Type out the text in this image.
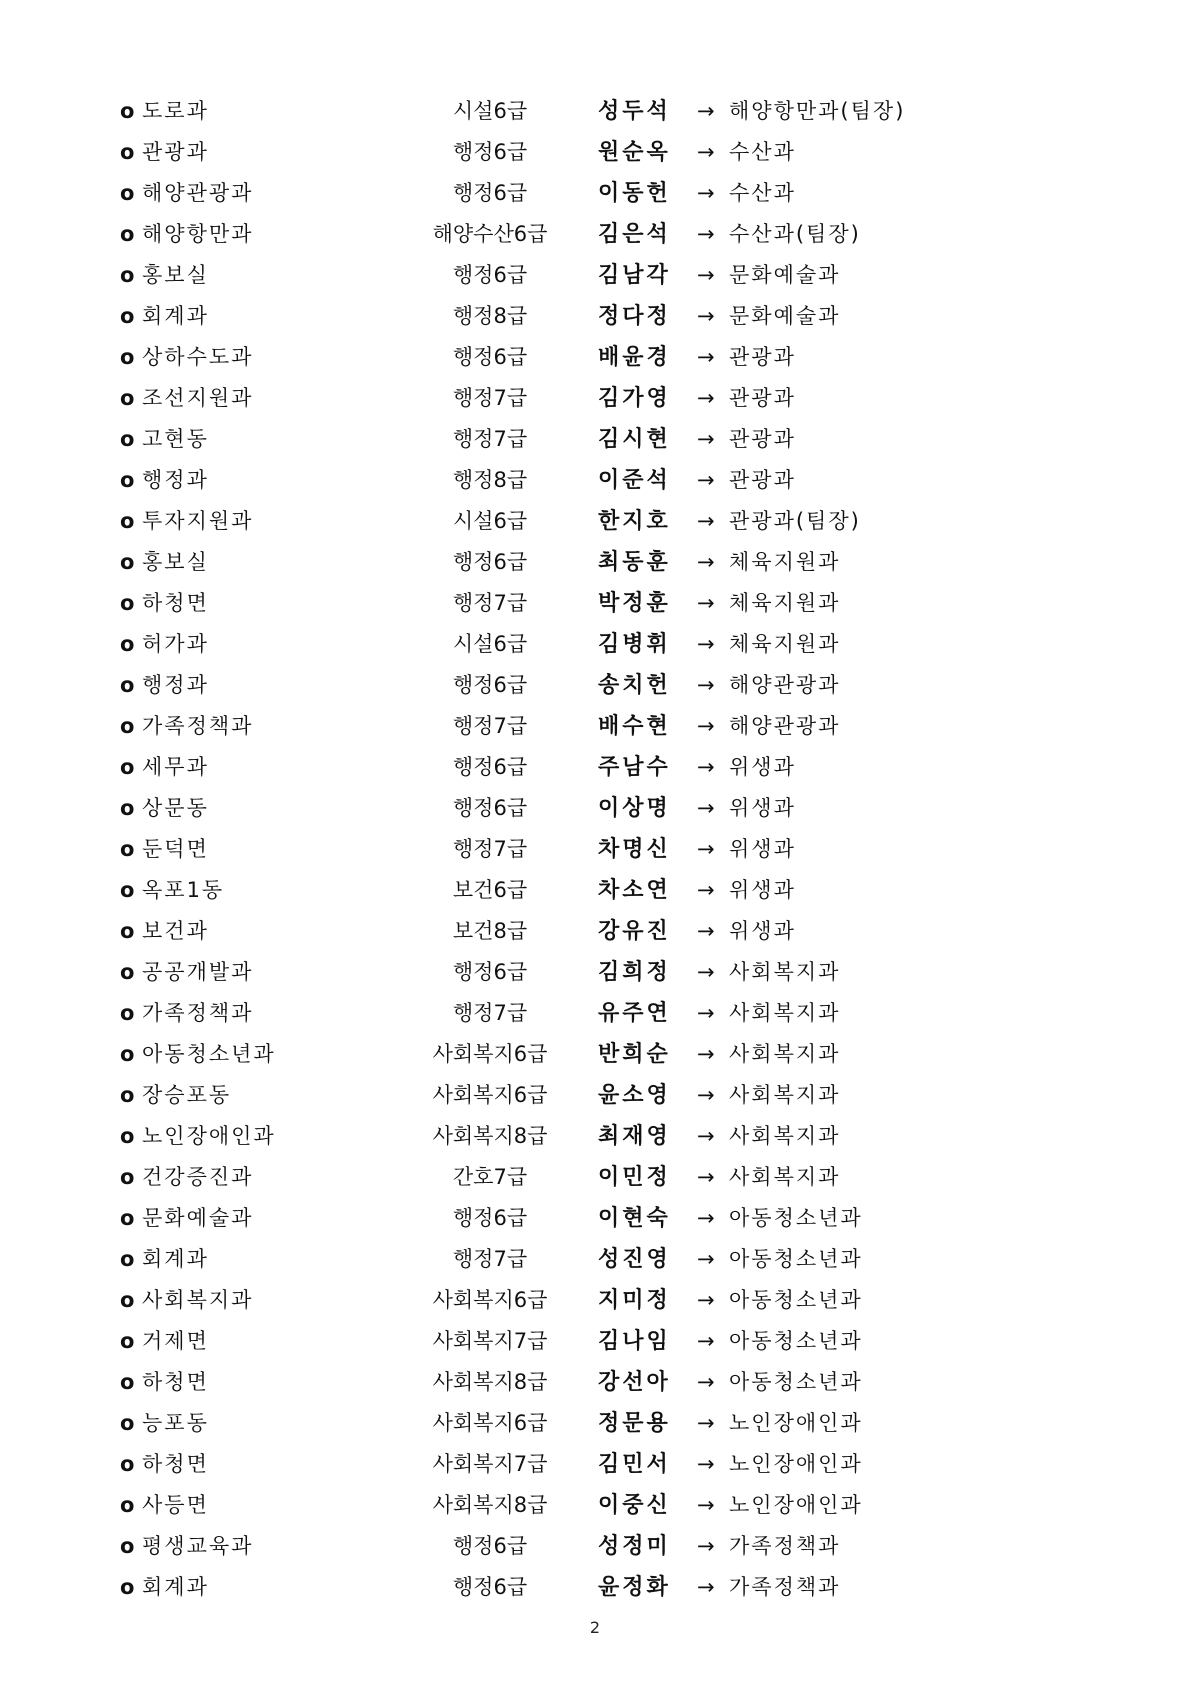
o 도로과	시설6급	성두석 → 해양항만과(팀장)
o 관광과	행정6급	원순옥 → 수산과
o 해양관광과	행정6급	이동헌 → 수산과
o 해양항만과	해양수산6급	김은석 → 수산과(팀장)
o 홍보실	행정6급	김남각 → 문화예술과
o 회계과	행정8급	정다정 → 문화예술과
o 상하수도과	행정6급	배윤경 → 관광과
o 조선지원과	행정7급	김가영 → 관광과
o 고현동	행정7급	김시현 → 관광과
o 행정과	행정8급	이준석 → 관광과
o 투자지원과	시설6급	한지호 → 관광과(팀장)
o 홍보실	행정6급	최동훈 → 체육지원과
o 하청면	행정7급	박정훈 → 체육지원과
o 허가과	시설6급	김병휘 → 체육지원과
o 행정과	행정6급	송치헌 → 해양관광과
o 가족정책과	행정7급	배수현 → 해양관광과
o 세무과	행정6급	주남수 → 위생과
o 상문동	행정6급	이상명 → 위생과
o 둔덕면	행정7급	차명신 → 위생과
o 옥포1동	보건6급	차소연 → 위생과
o 보건과	보건8급	강유진 → 위생과
o 공공개발과	행정6급	김희정 → 사회복지과
o 가족정책과	행정7급	유주연 → 사회복지과
o 아동청소년과	사회복지6급	반희순 → 사회복지과
o 장승포동	사회복지6급	윤소영 → 사회복지과
o 노인장애인과	사회복지8급	최재영 → 사회복지과
o 건강증진과	간호7급	이민정 → 사회복지과
o 문화예술과	행정6급	이현숙 → 아동청소년과
o 회계과	행정7급	성진영 → 아동청소년과
o 사회복지과	사회복지6급	지미정 → 아동청소년과
o 거제면	사회복지7급	김나임 → 아동청소년과
o 하청면	사회복지8급	강선아 → 아동청소년과
o 능포동	사회복지6급	정문용 → 노인장애인과
o 하청면	사회복지7급	김민서 → 노인장애인과
o 사등면	사회복지8급	이중신 → 노인장애인과
o 평생교육과	행정6급	성정미 → 가족정책과
o 회계과	행정6급	윤정화 → 가족정책과
2
